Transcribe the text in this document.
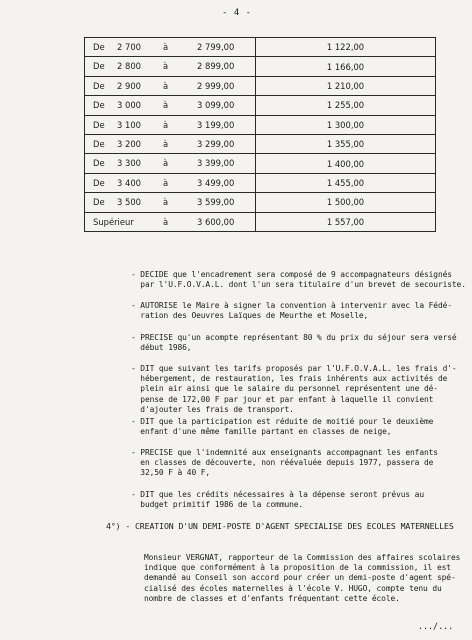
- 4 -
De 2 700 à 2 799,00	1 122,00

De 2 800 à 2 899,00	1 166,00

De 2 900 à 2 999,00	1 210,00

De 3 000 à 3 099,00	1 255,00

De 3 100 à 3 199,00	1 300,00

De 3 200 à 3 299,00	1 355,00

De 3 300 à 3 399,00	1 400,00

De 3 400 à 3 499,00	1 455,00

De 3 500 à 3 599,00	1 500,00

Supérieur à 3 600,00	1 557,00
- DECIDE que l'encadrement sera composé de 9 accompagnateurs désignés
par l'U.F.O.V.A.L. dont l'un sera titulaire d'un brevet de secouriste.
- AUTORISE le Maire à signer la convention à intervenir avec la Fédé-
ration des Oeuvres Laïques de Meurthe et Moselle,
- PRECISE qu'un acompte représentant 80 % du prix du séjour sera versé
début 1986,
- DIT que suivant les tarifs proposés par l'U.F.O.V.A.L. les frais d'-
hébergement, de restauration, les frais inhérents aux activités de
plein air ainsi que le salaire du personnel représentent une dé-
pense de 172,00 F par jour et par enfant à laquelle il convient
d'ajouter les frais de transport.
- DIT que la participation est réduite de moitié pour le deuxième
enfant d'une même famille partant en classes de neige,
- PRECISE que l'indemnité aux enseignants accompagnant les enfants
en classes de découverte, non réévaluée depuis 1977, passera de
32,50 F à 40 F,
- DIT que les crédits nécessaires à la dépense seront prévus au
budget primitif 1986 de la commune.
4°) - CREATION D'UN DEMI-POSTE D'AGENT SPECIALISE DES ECOLES MATERNELLES
Monsieur VERGNAT, rapporteur de la Commission des affaires scolaires
indique que conformément à la proposition de la commission, il est
demandé au Conseil son accord pour créer un demi-poste d'agent spé-
cialisé des écoles maternelles à l'école V. HUGO, compte tenu du
nombre de classes et d'enfants fréquentant cette école.
.../...
